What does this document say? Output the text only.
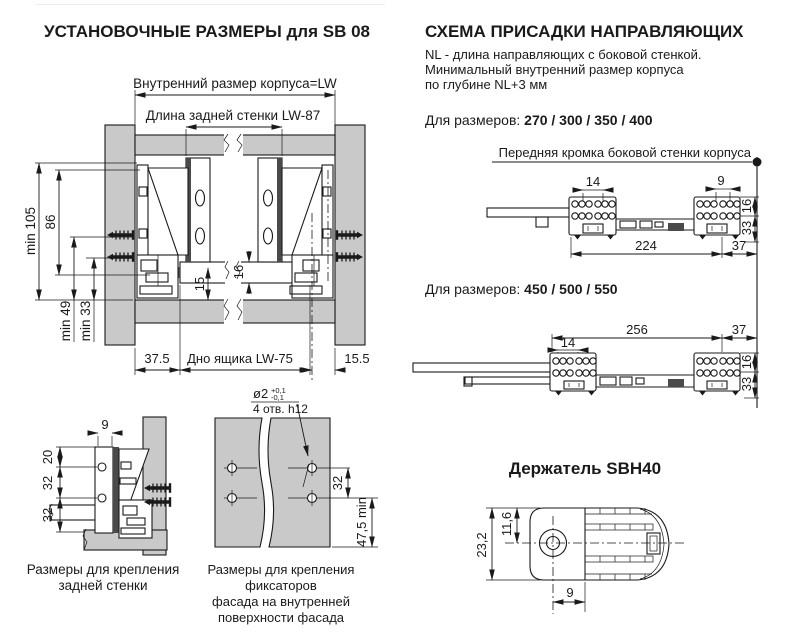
Внутренний размер корпуса=LW
Длина задней стенки LW-87
min 105 86
min 49 min 33
16
15
37.5 Дно ящика LW-75	15.5
9
20
32
32
ø2 +0,1
-0,1
4 отв. h12
32
47,5 min
14	9
16
33
224	37
256	37
14
16
33
23,2
11,6
9
УСТАНОВОЧНЫЕ РАЗМЕРЫ для SB 08	СХЕМА ПРИСАДКИ НАПРАВЛЯЮЩИХ
NL - длина направляющих с боковой стенкой.
Минимальный внутренний размер корпуса
по глубине NL+3 мм
Для размеров: 270 / 300 / 350 / 400
Передняя кромка боковой стенки корпуса
Для размеров: 450 / 500 / 550
Держатель SBH40
Размеры для крепления
задней стенки
Размеры для крепления фиксаторов
фасада на внутренней
поверхности фасада
